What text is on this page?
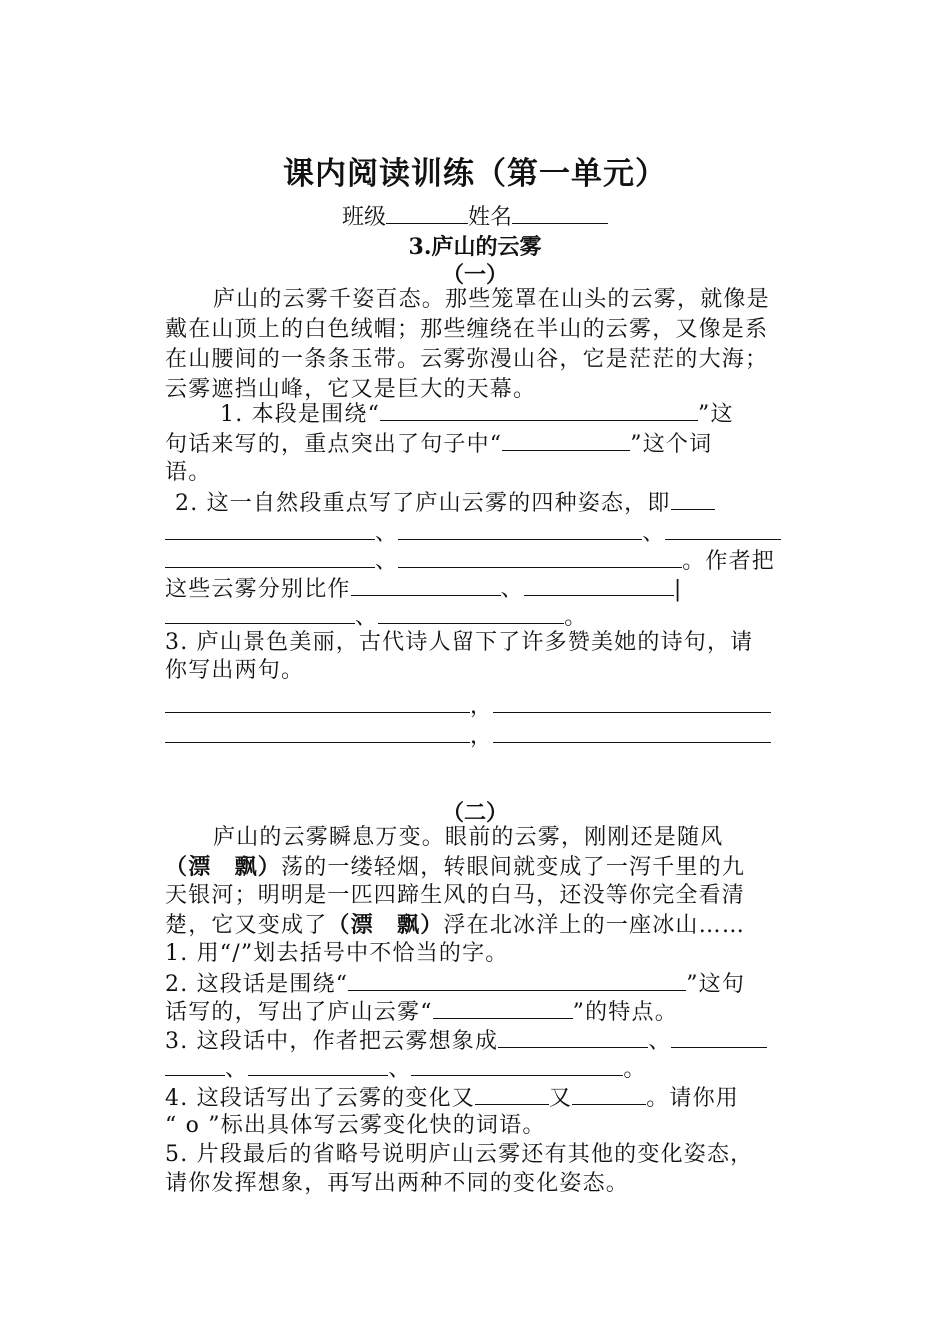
课内阅读训练（第一单元）
班级	姓名
3.庐山的云雾
（一）
庐山的云雾千姿百态。那些笼罩在山头的云雾，就像是戴在山顶上的白色绒帽；那些缠绕在半山的云雾，又像是系在山腰间的一条条玉带。云雾弥漫山谷，它是茫茫的大海；云雾遮挡山峰，它又是巨大的天幕。
1. 本段是围绕“	”这
句话来写的，重点突出了句子中“	”这个词
语。
2. 这一自然段重点写了庐山云雾的四种姿态，即
、	、
、	。作者把
这些云雾分别比作	、	|
、	。
3. 庐山景色美丽，古代诗人留下了许多赞美她的诗句，请
你写出两句。
，
，
（二）
庐山的云雾瞬息万变。眼前的云雾，刚刚还是随风
（漂　飘）荡的一缕轻烟，转眼间就变成了一泻千里的九
天银河；明明是一匹四蹄生风的白马，还没等你完全看清
楚，它又变成了（漂　飘）浮在北冰洋上的一座冰山……
1. 用“/”划去括号中不恰当的字。
2. 这段话是围绕“	”这句
话写的，写出了庐山云雾“	”的特点。
3. 这段话中，作者把云雾想象成	、
、	、	。
4. 这段话写出了云雾的变化又	又	。请你用
“ ο ”标出具体写云雾变化快的词语。
5. 片段最后的省略号说明庐山云雾还有其他的变化姿态，
请你发挥想象，再写出两种不同的变化姿态。
